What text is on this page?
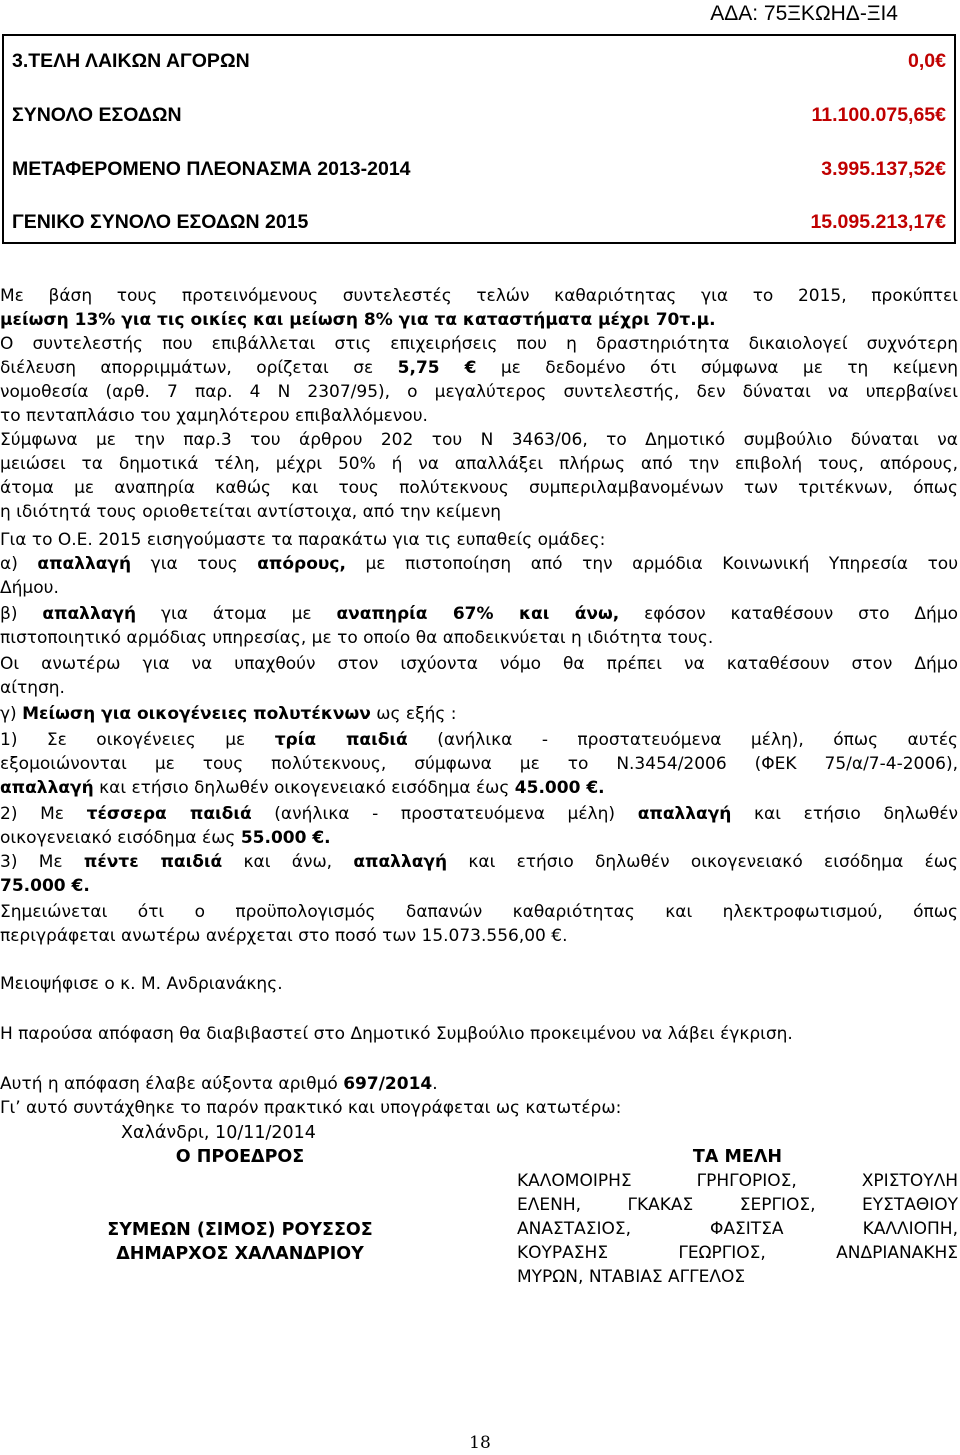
ΑΔΑ: 75ΞΚΩΗΔ-ΞΙ4
3.ΤΕΛΗ ΛΑΙΚΩΝ ΑΓΟΡΩΝ	0,0€
ΣΥΝΟΛΟ ΕΣΟΔΩΝ	11.100.075,65€
ΜΕΤΑΦΕΡΟΜΕΝΟ ΠΛΕΟΝΑΣΜΑ 2013-2014	3.995.137,52€
ΓΕΝΙΚΟ ΣΥΝΟΛΟ ΕΣΟΔΩΝ 2015	15.095.213,17€
Με βάση τους προτεινόμενους συντελεστές τελών καθαριότητας για το 2015, προκύπτει
μείωση 13% για τις οικίες και μείωση 8% για τα καταστήματα μέχρι 70τ.μ.
Ο συντελεστής που επιβάλλεται στις επιχειρήσεις που η δραστηριότητα δικαιολογεί συχνότερη
διέλευση απορριμμάτων, ορίζεται σε 5,75 € με δεδομένο ότι σύμφωνα με τη κείμενη
νομοθεσία (αρθ. 7 παρ. 4 Ν 2307/95), ο μεγαλύτερος συντελεστής, δεν δύναται να υπερβαίνει
το πενταπλάσιο του χαμηλότερου επιβαλλόμενου.
Σύμφωνα με την παρ.3 του άρθρου 202 του Ν 3463/06, το Δημοτικό συμβούλιο δύναται να
μειώσει τα δημοτικά τέλη, μέχρι 50% ή να απαλλάξει πλήρως από την επιβολή τους, απόρους,
άτομα με αναπηρία καθώς και τους πολύτεκνους συμπεριλαμβανομένων των τριτέκνων, όπως
η ιδιότητά τους οριοθετείται αντίστοιχα, από την κείμενη
Για το Ο.Ε. 2015 εισηγούμαστε τα παρακάτω για τις ευπαθείς ομάδες:
α) απαλλαγή για τους απόρους, με πιστοποίηση από την αρμόδια Κοινωνική Υπηρεσία του
Δήμου.
β) απαλλαγή για άτομα με αναπηρία 67% και άνω, εφόσον καταθέσουν στο Δήμο
πιστοποιητικό αρμόδιας υπηρεσίας, με το οποίο θα αποδεικνύεται η ιδιότητα τους.
Οι ανωτέρω για να υπαχθούν στον ισχύοντα νόμο θα πρέπει να καταθέσουν στον Δήμο
αίτηση.
γ) Μείωση για οικογένειες πολυτέκνων ως εξής :
1) Σε οικογένειες με τρία παιδιά (ανήλικα - προστατευόμενα μέλη), όπως αυτές
εξομοιώνονται με τους πολύτεκνους, σύμφωνα με το Ν.3454/2006 (ΦΕΚ 75/α/7-4-2006),
απαλλαγή και ετήσιο δηλωθέν οικογενειακό εισόδημα έως 45.000 €.
2) Με τέσσερα παιδιά (ανήλικα - προστατευόμενα μέλη) απαλλαγή και ετήσιο δηλωθέν
οικογενειακό εισόδημα έως 55.000 €.
3) Με πέντε παιδιά και άνω, απαλλαγή και ετήσιο δηλωθέν οικογενειακό εισόδημα έως
75.000 €.
Σημειώνεται ότι ο προϋπολογισμός δαπανών καθαριότητας και ηλεκτροφωτισμού, όπως
περιγράφεται ανωτέρω ανέρχεται στο ποσό των 15.073.556,00 €.
Μειοψήφισε ο κ. Μ. Ανδριανάκης.
Η παρούσα απόφαση θα διαβιβαστεί στο Δημοτικό Συμβούλιο προκειμένου να λάβει έγκριση.
Αυτή η απόφαση έλαβε αύξοντα αριθμό 697/2014.
Γι’ αυτό συντάχθηκε το παρόν πρακτικό και υπογράφεται ως κατωτέρω:
Χαλάνδρι, 10/11/2014
Ο ΠΡΟΕΔΡΟΣ
ΣΥΜΕΩΝ (ΣΙΜΟΣ) ΡΟΥΣΣΟΣ
ΔΗΜΑΡΧΟΣ ΧΑΛΑΝΔΡΙΟΥ
ΤΑ ΜΕΛΗ
ΚΑΛΟΜΟΙΡΗΣ ΓΡΗΓΟΡΙΟΣ, ΧΡΙΣΤΟΥΛΗ
ΕΛΕΝΗ, ΓΚΑΚΑΣ ΣΕΡΓΙΟΣ, ΕΥΣΤΑΘΙΟΥ
ΑΝΑΣΤΑΣΙΟΣ, ΦΑΣΙΤΣΑ ΚΑΛΛΙΟΠΗ,
ΚΟΥΡΑΣΗΣ ΓΕΩΡΓΙΟΣ, ΑΝΔΡΙΑΝΑΚΗΣ
ΜΥΡΩΝ, ΝΤΑΒΙΑΣ ΑΓΓΕΛΟΣ
18
